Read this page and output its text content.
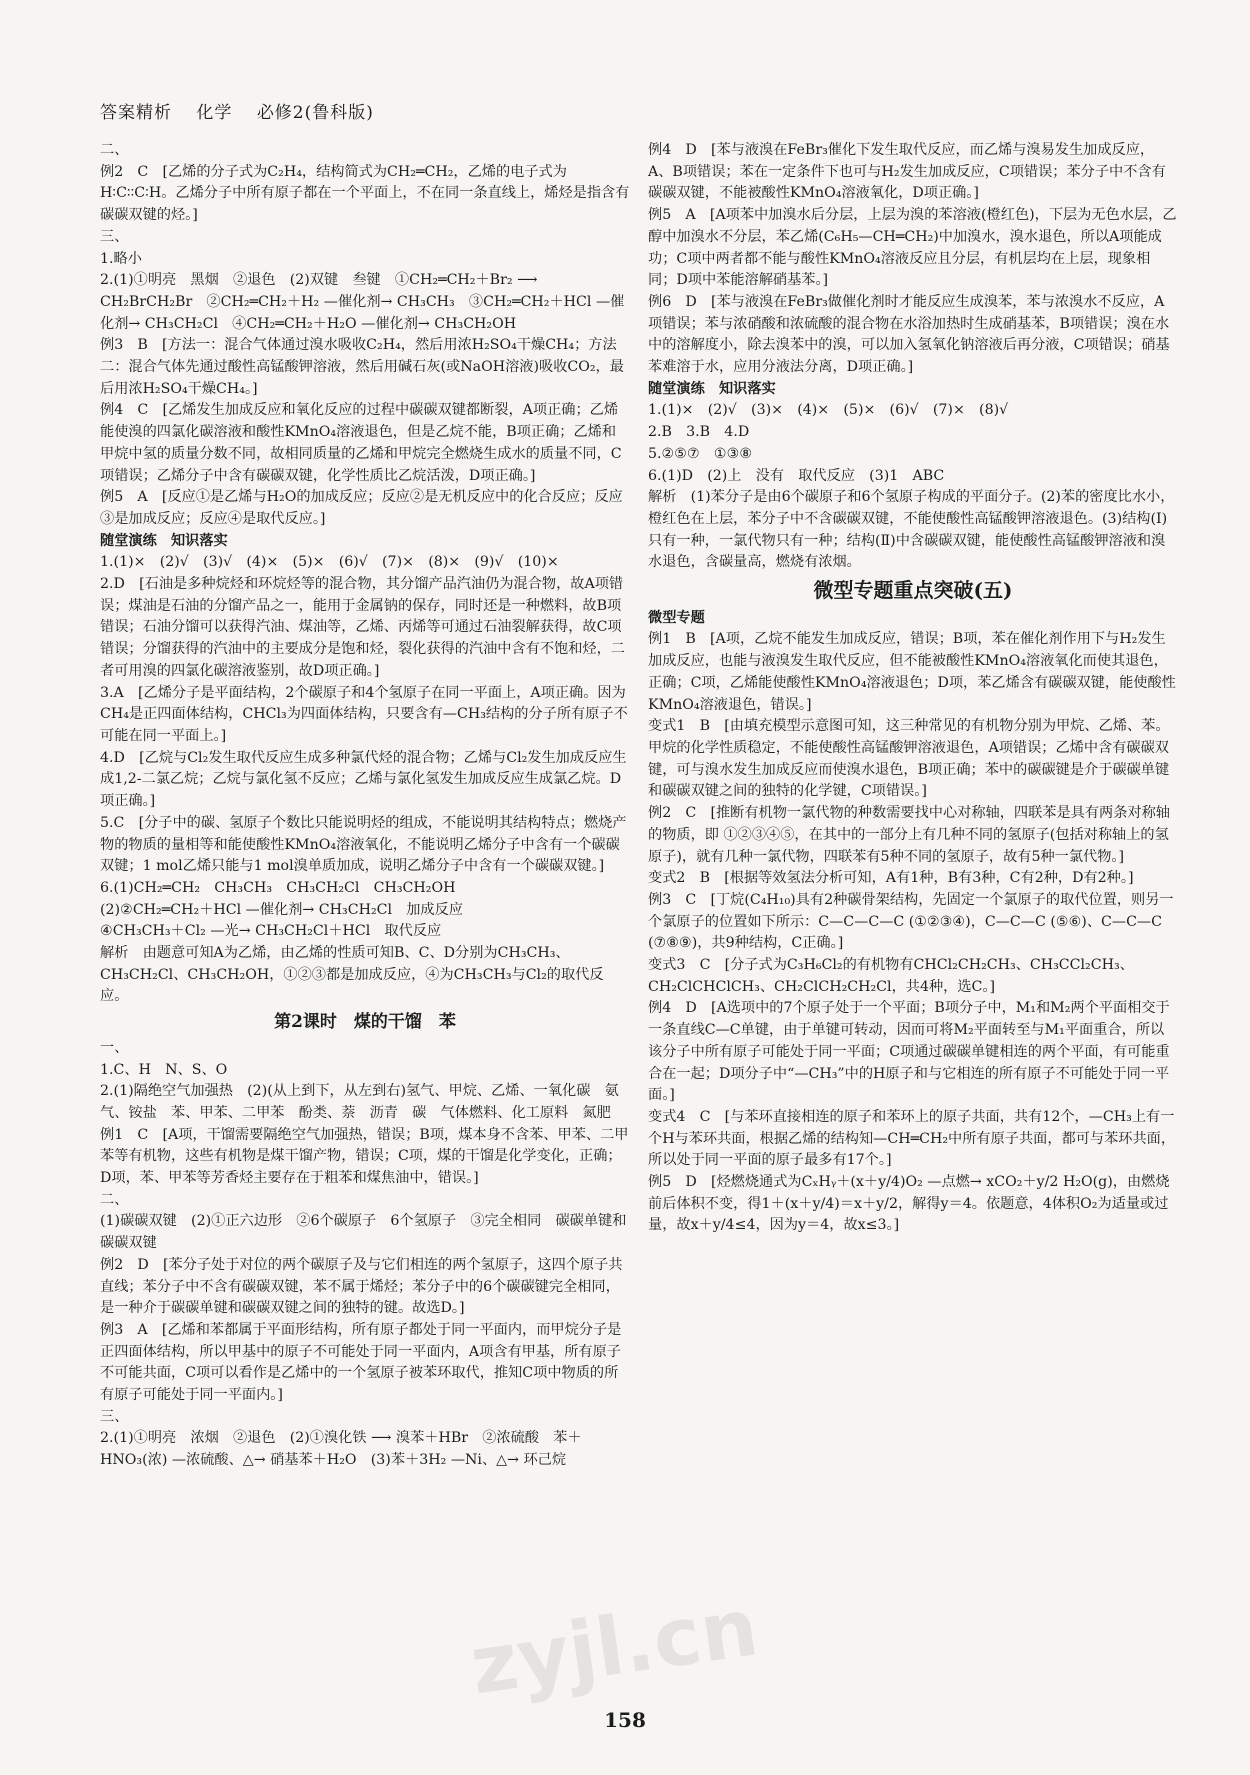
答案精析 化学 必修2(鲁科版)

二、

例2　C　[乙烯的分子式为C₂H₄，结构简式为CH₂═CH₂，乙烯的电子式为H∶C∶∶C∶H。乙烯分子中所有原子都在一个平面上，不在同一条直线上，烯烃是指含有碳碳双键的烃。]

三、

1.略小

2.(1)①明亮　黑烟　②退色　(2)双键　叁键　①CH₂═CH₂＋Br₂ ⟶ CH₂BrCH₂Br　②CH₂═CH₂＋H₂ —催化剂→ CH₃CH₃　③CH₂═CH₂＋HCl —催化剂→ CH₃CH₂Cl　④CH₂═CH₂＋H₂O —催化剂→ CH₃CH₂OH

例3　B　[方法一：混合气体通过溴水吸收C₂H₄，然后用浓H₂SO₄干燥CH₄；方法二：混合气体先通过酸性高锰酸钾溶液，然后用碱石灰(或NaOH溶液)吸收CO₂，最后用浓H₂SO₄干燥CH₄。]

例4　C　[乙烯发生加成反应和氧化反应的过程中碳碳双键都断裂，A项正确；乙烯能使溴的四氯化碳溶液和酸性KMnO₄溶液退色，但是乙烷不能，B项正确；乙烯和甲烷中氢的质量分数不同，故相同质量的乙烯和甲烷完全燃烧生成水的质量不同，C项错误；乙烯分子中含有碳碳双键，化学性质比乙烷活泼，D项正确。]

例5　A　[反应①是乙烯与H₂O的加成反应；反应②是无机反应中的化合反应；反应③是加成反应；反应④是取代反应。]

随堂演练　知识落实

1.(1)×　(2)√　(3)√　(4)×　(5)×　(6)√　(7)×　(8)×　(9)√　(10)×

2.D　[石油是多种烷烃和环烷烃等的混合物，其分馏产品汽油仍为混合物，故A项错误；煤油是石油的分馏产品之一，能用于金属钠的保存，同时还是一种燃料，故B项错误；石油分馏可以获得汽油、煤油等，乙烯、丙烯等可通过石油裂解获得，故C项错误；分馏获得的汽油中的主要成分是饱和烃，裂化获得的汽油中含有不饱和烃，二者可用溴的四氯化碳溶液鉴别，故D项正确。]

3.A　[乙烯分子是平面结构，2个碳原子和4个氢原子在同一平面上，A项正确。因为CH₄是正四面体结构，CHCl₃为四面体结构，只要含有—CH₃结构的分子所有原子不可能在同一平面上。]

4.D　[乙烷与Cl₂发生取代反应生成多种氯代烃的混合物；乙烯与Cl₂发生加成反应生成1,2-二氯乙烷；乙烷与氯化氢不反应；乙烯与氯化氢发生加成反应生成氯乙烷。D项正确。]

5.C　[分子中的碳、氢原子个数比只能说明烃的组成，不能说明其结构特点；燃烧产物的物质的量相等和能使酸性KMnO₄溶液氧化，不能说明乙烯分子中含有一个碳碳双键；1 mol乙烯只能与1 mol溴单质加成，说明乙烯分子中含有一个碳碳双键。]

6.(1)CH₂═CH₂　CH₃CH₃　CH₃CH₂Cl　CH₃CH₂OH

(2)②CH₂═CH₂＋HCl —催化剂→ CH₃CH₂Cl　加成反应

④CH₃CH₃＋Cl₂ —光→ CH₃CH₂Cl＋HCl　取代反应

解析　由题意可知A为乙烯，由乙烯的性质可知B、C、D分别为CH₃CH₃、CH₃CH₂Cl、CH₃CH₂OH，①②③都是加成反应，④为CH₃CH₃与Cl₂的取代反应。

第2课时　煤的干馏　苯

一、

1.C、H　N、S、O

2.(1)隔绝空气加强热　(2)(从上到下，从左到右)氢气、甲烷、乙烯、一氧化碳　氨气、铵盐　苯、甲苯、二甲苯　酚类、萘　沥青　碳　气体燃料、化工原料　氮肥

例1　C　[A项，干馏需要隔绝空气加强热，错误；B项，煤本身不含苯、甲苯、二甲苯等有机物，这些有机物是煤干馏产物，错误；C项，煤的干馏是化学变化，正确；D项，苯、甲苯等芳香烃主要存在于粗苯和煤焦油中，错误。]

二、

(1)碳碳双键　(2)①正六边形　②6个碳原子　6个氢原子　③完全相同　碳碳单键和碳碳双键

例2　D　[苯分子处于对位的两个碳原子及与它们相连的两个氢原子，这四个原子共直线；苯分子中不含有碳碳双键，苯不属于烯烃；苯分子中的6个碳碳键完全相同，是一种介于碳碳单键和碳碳双键之间的独特的键。故选D。]

例3　A　[乙烯和苯都属于平面形结构，所有原子都处于同一平面内，而甲烷分子是正四面体结构，所以甲基中的原子不可能处于同一平面内，A项含有甲基，所有原子不可能共面，C项可以看作是乙烯中的一个氢原子被苯环取代，推知C项中物质的所有原子可能处于同一平面内。]

三、

2.(1)①明亮　浓烟　②退色　(2)①溴化铁 ⟶ 溴苯＋HBr　②浓硫酸　苯＋HNO₃(浓) —浓硫酸、△→ 硝基苯＋H₂O　(3)苯＋3H₂ —Ni、△→ 环己烷

例4　D　[苯与液溴在FeBr₃催化下发生取代反应，而乙烯与溴易发生加成反应，A、B项错误；苯在一定条件下也可与H₂发生加成反应，C项错误；苯分子中不含有碳碳双键，不能被酸性KMnO₄溶液氧化，D项正确。]

例5　A　[A项苯中加溴水后分层，上层为溴的苯溶液(橙红色)，下层为无色水层，乙醇中加溴水不分层，苯乙烯(C₆H₅—CH═CH₂)中加溴水，溴水退色，所以A项能成功；C项中两者都不能与酸性KMnO₄溶液反应且分层，有机层均在上层，现象相同；D项中苯能溶解硝基苯。]

例6　D　[苯与液溴在FeBr₃做催化剂时才能反应生成溴苯，苯与浓溴水不反应，A项错误；苯与浓硝酸和浓硫酸的混合物在水浴加热时生成硝基苯，B项错误；溴在水中的溶解度小，除去溴苯中的溴，可以加入氢氧化钠溶液后再分液，C项错误；硝基苯难溶于水，应用分液法分离，D项正确。]

随堂演练　知识落实

1.(1)×　(2)√　(3)×　(4)×　(5)×　(6)√　(7)×　(8)√

2.B　3.B　4.D

5.②⑤⑦　①③⑧

6.(1)D　(2)上　没有　取代反应　(3)1　ABC

解析　(1)苯分子是由6个碳原子和6个氢原子构成的平面分子。(2)苯的密度比水小，橙红色在上层，苯分子中不含碳碳双键，不能使酸性高锰酸钾溶液退色。(3)结构(Ⅰ)只有一种，一氯代物只有一种；结构(Ⅱ)中含碳碳双键，能使酸性高锰酸钾溶液和溴水退色，含碳量高，燃烧有浓烟。

微型专题重点突破(五)

微型专题

例1　B　[A项，乙烷不能发生加成反应，错误；B项，苯在催化剂作用下与H₂发生加成反应，也能与液溴发生取代反应，但不能被酸性KMnO₄溶液氧化而使其退色，正确；C项，乙烯能使酸性KMnO₄溶液退色；D项，苯乙烯含有碳碳双键，能使酸性KMnO₄溶液退色，错误。]

变式1　B　[由填充模型示意图可知，这三种常见的有机物分别为甲烷、乙烯、苯。甲烷的化学性质稳定，不能使酸性高锰酸钾溶液退色，A项错误；乙烯中含有碳碳双键，可与溴水发生加成反应而使溴水退色，B项正确；苯中的碳碳键是介于碳碳单键和碳碳双键之间的独特的化学键，C项错误。]

例2　C　[推断有机物一氯代物的种数需要找中心对称轴，四联苯是具有两条对称轴的物质，即 ①②③④⑤，在其中的一部分上有几种不同的氢原子(包括对称轴上的氢原子)，就有几种一氯代物，四联苯有5种不同的氢原子，故有5种一氯代物。]

变式2　B　[根据等效氢法分析可知，A有1种，B有3种，C有2种，D有2种。]

例3　C　[丁烷(C₄H₁₀)具有2种碳骨架结构，先固定一个氯原子的取代位置，则另一个氯原子的位置如下所示：C—C—C—C (①②③④)，C—C—C (⑤⑥)、C—C—C (⑦⑧⑨)，共9种结构，C正确。]

变式3　C　[分子式为C₃H₆Cl₂的有机物有CHCl₂CH₂CH₃、CH₃CCl₂CH₃、CH₂ClCHClCH₃、CH₂ClCH₂CH₂Cl，共4种，选C。]

例4　D　[A选项中的7个原子处于一个平面；B项分子中，M₁和M₂两个平面相交于一条直线C—C单键，由于单键可转动，因而可将M₂平面转至与M₁平面重合，所以该分子中所有原子可能处于同一平面；C项通过碳碳单键相连的两个平面，有可能重合在一起；D项分子中“—CH₃”中的H原子和与它相连的所有原子不可能处于同一平面。]

变式4　C　[与苯环直接相连的原子和苯环上的原子共面，共有12个，—CH₃上有一个H与苯环共面，根据乙烯的结构知—CH═CH₂中所有原子共面，都可与苯环共面，所以处于同一平面的原子最多有17个。]

例5　D　[烃燃烧通式为CₓHᵧ＋(x＋y/4)O₂ —点燃→ xCO₂＋y/2 H₂O(g)，由燃烧前后体积不变，得1＋(x＋y/4)＝x＋y/2，解得y＝4。依题意，4体积O₂为适量或过量，故x＋y/4≤4，因为y＝4，故x≤3。]

zyjl.cn
158
